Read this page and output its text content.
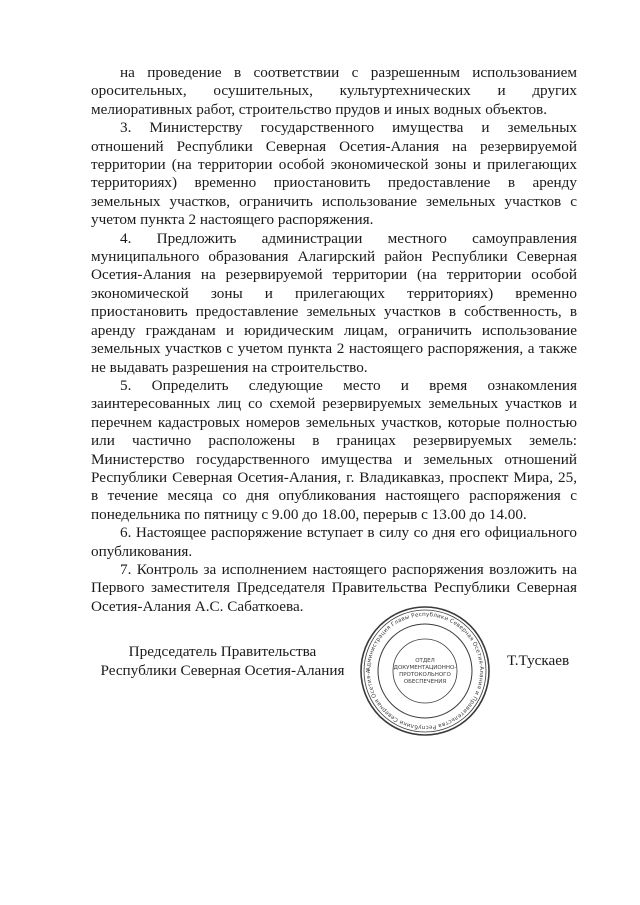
на проведение в соответствии с разрешенным использованием оросительных, осушительных, культуртехнических и других мелиоративных работ, строительство прудов и иных водных объектов.

3. Министерству государственного имущества и земельных отношений Республики Северная Осетия-Алания на резервируемой территории (на территории особой экономической зоны и прилегающих территориях) временно приостановить предоставление в аренду земельных участков, ограничить использование земельных участков с учетом пункта 2 настоящего распоряжения.

4. Предложить администрации местного самоуправления муниципального образования Алагирский район Республики Северная Осетия-Алания на резервируемой территории (на территории особой экономической зоны и прилегающих территориях) временно приостановить предоставление земельных участков в собственность, в аренду гражданам и юридическим лицам, ограничить использование земельных участков с учетом пункта 2 настоящего распоряжения, а также не выдавать разрешения на строительство.

5. Определить следующие место и время ознакомления заинтересованных лиц со схемой резервируемых земельных участков и перечнем кадастровых номеров земельных участков, которые полностью или частично расположены в границах резервируемых земель: Министерство государственного имущества и земельных отношений Республики Северная Осетия-Алания, г. Владикавказ, проспект Мира, 25, в течение месяца со дня опубликования настоящего распоряжения с понедельника по пятницу с 9.00 до 18.00, перерыв с 13.00 до 14.00.

6. Настоящее распоряжение вступает в силу со дня его официального опубликования.

7. Контроль за исполнением настоящего распоряжения возложить на Первого заместителя Председателя Правительства Республики Северная Осетия-Алания А.С. Сабаткоева.

Председатель Правительства
Республики Северная Осетия-Алания	Администрация Главы Республики Северная Осетия-Алания и Правительства Республики Северная Осетия-А
ОТДЕЛ
ДОКУМЕНТАЦИОННО-
ПРОТОКОЛЬНОГО
ОБЕСПЕЧЕНИЯ
Т.Тускаев
